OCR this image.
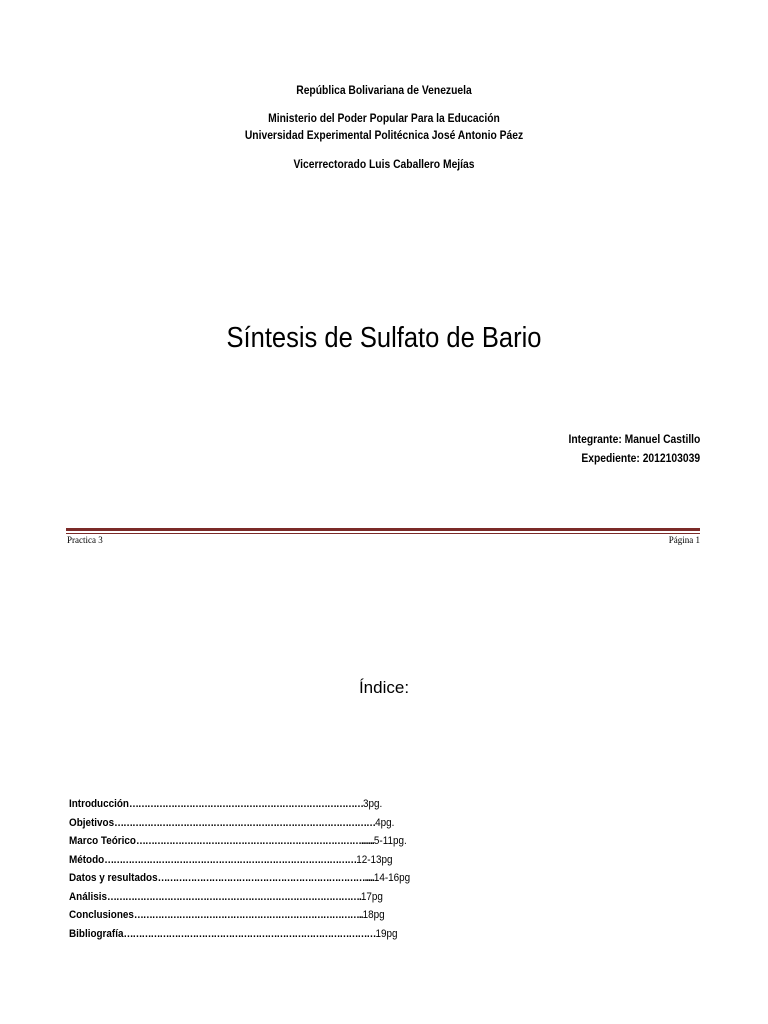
República Bolivariana de Venezuela
Ministerio del Poder Popular Para la Educación
Universidad Experimental Politécnica José Antonio Páez
Vicerrectorado Luis Caballero Mejías
Síntesis de Sulfato de Bario
Integrante: Manuel Castillo
Expediente: 2012103039
Practica 3	Página 1
Índice:
Introducción……………………………………………………………………3pg.
Objetivos……………………………………………………………………………4pg.
Marco Teórico………………………………………………………………….......5-11pg.
Método…………………………………………………………………………12-13pg
Datos y resultados…………………………………………………………….....14-16pg
Análisis………………………………………………………………………….17pg
Conclusiones…………………………………………………………………..18pg
Bibliografía…………………………………………………………………………19pg
